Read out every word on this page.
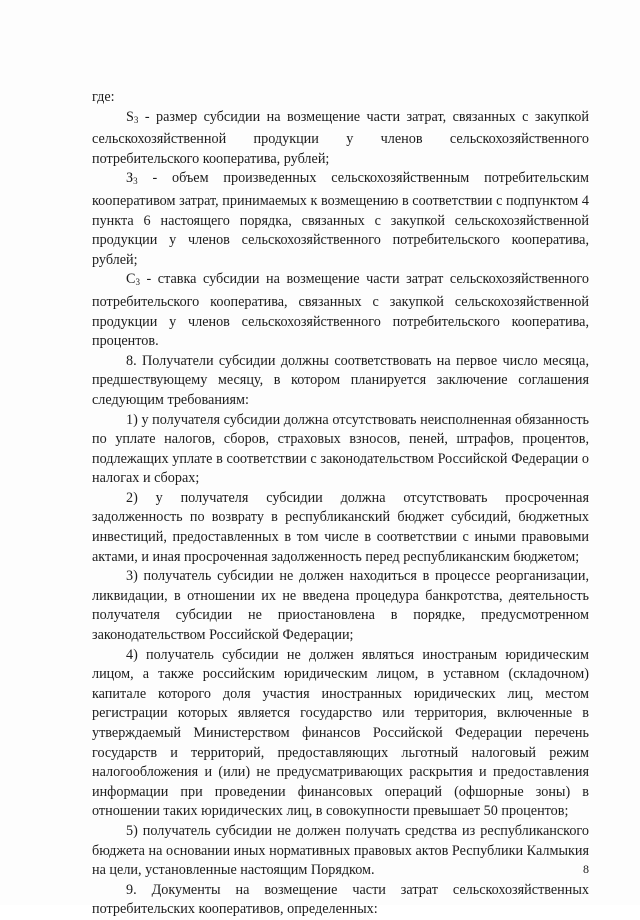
где:

$S_3$ - размер субсидии на возмещение части затрат, связанных с закупкой сельскохозяйственной продукции у членов сельскохозяйственного потребительского кооператива, рублей;

$З_3$ - объем произведенных сельскохозяйственным потребительским кооперативом затрат, принимаемых к возмещению в соответствии с подпунктом 4 пункта 6 настоящего порядка, связанных с закупкой сельскохозяйственной продукции у членов сельскохозяйственного потребительского кооператива, рублей;

$С_3$ - ставка субсидии на возмещение части затрат сельскохозяйственного потребительского кооператива, связанных с закупкой сельскохозяйственной продукции у членов сельскохозяйственного потребительского кооператива, процентов.

8. Получатели субсидии должны соответствовать на первое число месяца, предшествующему месяцу, в котором планируется заключение соглашения следующим требованиям:

1) у получателя субсидии должна отсутствовать неисполненная обязанность по уплате налогов, сборов, страховых взносов, пеней, штрафов, процентов, подлежащих уплате в соответствии с законодательством Российской Федерации о налогах и сборах;

2) у получателя субсидии должна отсутствовать просроченная задолженность по возврату в республиканский бюджет субсидий, бюджетных инвестиций, предоставленных в том числе в соответствии с иными правовыми актами, и иная просроченная задолженность перед республиканским бюджетом;

3) получатель субсидии не должен находиться в процессе реорганизации, ликвидации, в отношении их не введена процедура банкротства, деятельность получателя субсидии не приостановлена в порядке, предусмотренном законодательством Российской Федерации;

4) получатель субсидии не должен являться иностраным юридическим лицом, а также российским юридическим лицом, в уставном (складочном) капитале которого доля участия иностранных юридических лиц, местом регистрации которых является государство или территория, включенные в утверждаемый Министерством финансов Российской Федерации перечень государств и территорий, предоставляющих льготный налоговый режим налогообложения и (или) не предусматривающих раскрытия и предоставления информации при проведении финансовых операций (офшорные зоны) в отношении таких юридических лиц, в совокупности превышает 50 процентов;

5) получатель субсидии не должен получать средства из республиканского бюджета на основании иных нормативных правовых актов Республики Калмыкия на цели, установленные настоящим Порядком.

9. Документы на возмещение части затрат сельскохозяйственных потребительских кооперативов, определенных:

8
